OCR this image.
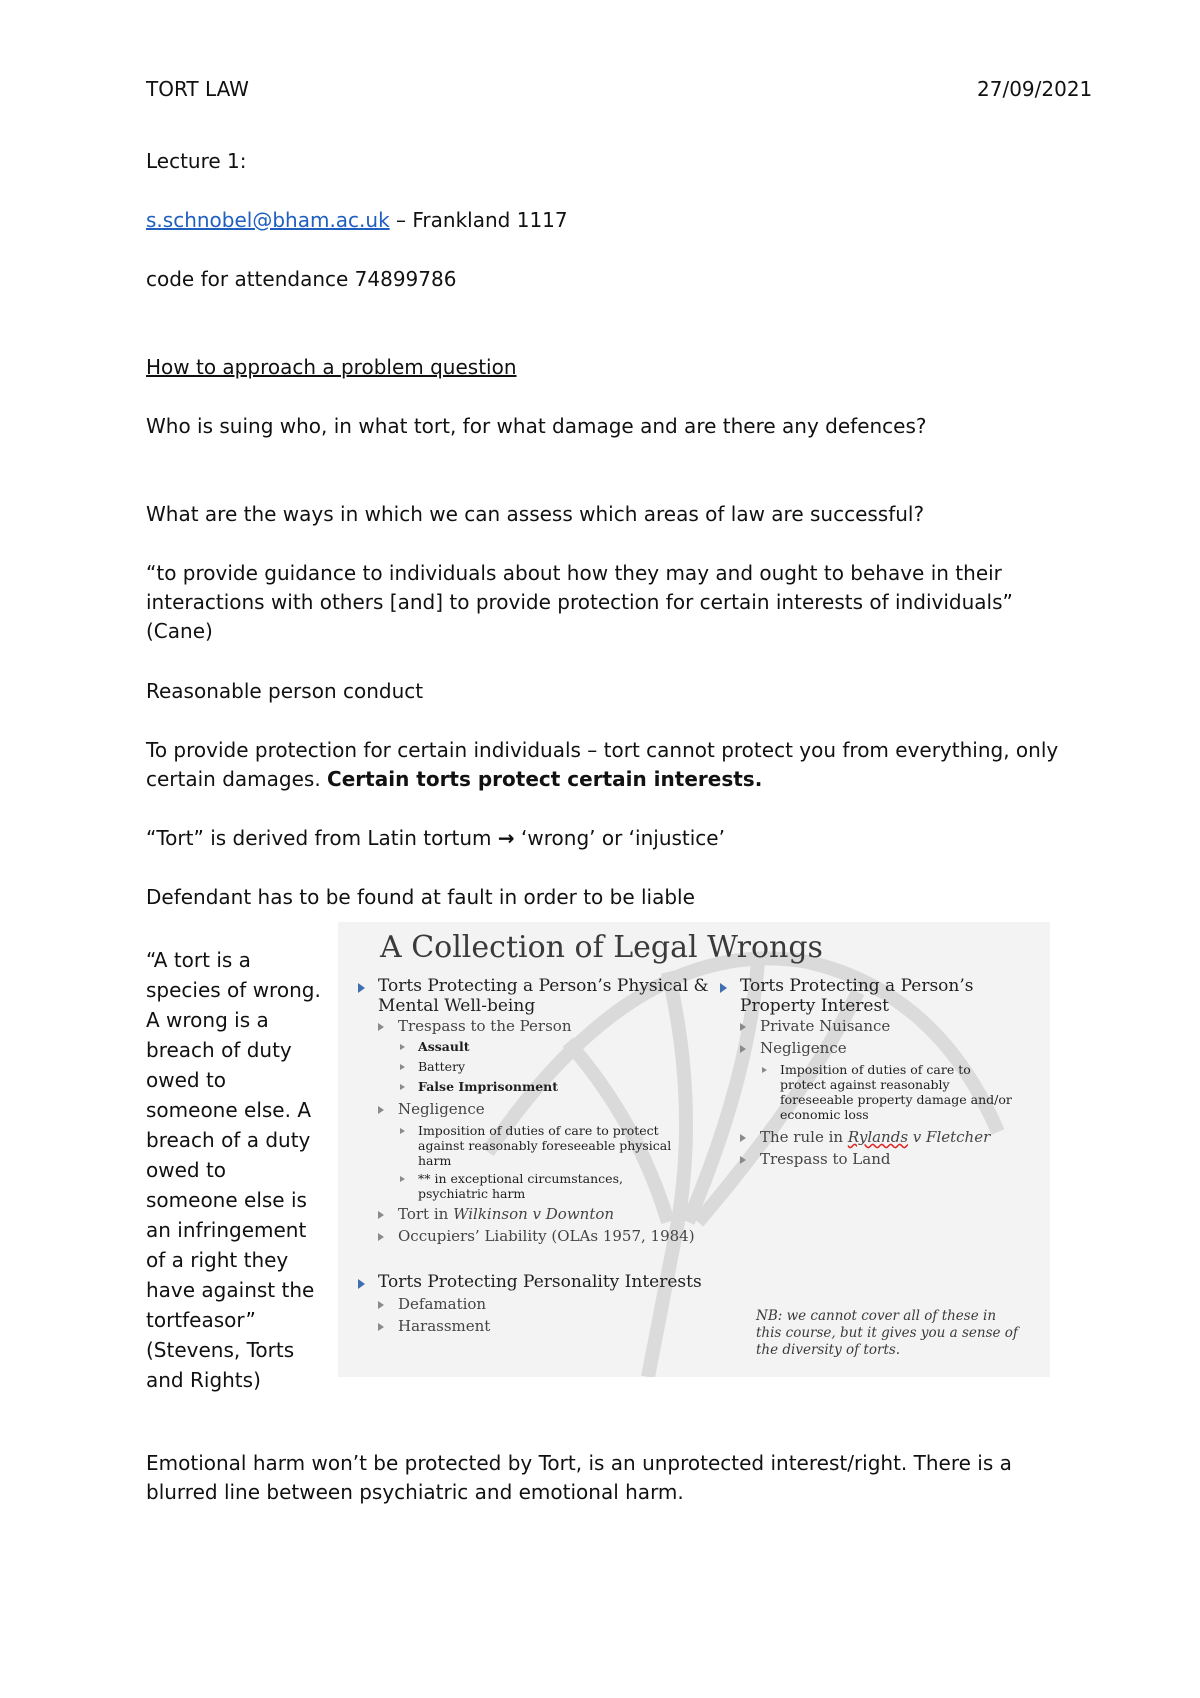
TORT LAW	27/09/2021
Lecture 1:
s.schnobel@bham.ac.uk – Frankland 1117
code for attendance 74899786
How to approach a problem question
Who is suing who, in what tort, for what damage and are there any defences?
What are the ways in which we can assess which areas of law are successful?
“to provide guidance to individuals about how they may and ought to behave in their
interactions with others [and] to provide protection for certain interests of individuals”
(Cane)
Reasonable person conduct
To provide protection for certain individuals – tort cannot protect you from everything, only
certain damages. Certain torts protect certain interests.
“Tort” is derived from Latin tortum → ‘wrong’ or ‘injustice’
Defendant has to be found at fault in order to be liable
“A tort is a species of wrong. A wrong is a breach of duty owed to someone else. A breach of a duty owed to someone else is an infringement of a right they have against the tortfeasor” (Stevens, Torts and Rights)
A Collection of Legal Wrongs
Torts Protecting a Person’s Physical &
Mental Well-being
Trespass to the Person
Assault
Battery
False Imprisonment
Negligence
Imposition of duties of care to protect
against reasonably foreseeable physical
harm
** in exceptional circumstances,
psychiatric harm
Tort in Wilkinson v Downton
Occupiers’ Liability (OLAs 1957, 1984)
Torts Protecting Personality Interests
Defamation
Harassment
Torts Protecting a Person’s
Property Interest
Private Nuisance
Negligence
Imposition of duties of care to
protect against reasonably
foreseeable property damage and/or
economic loss
The rule in Rylands v Fletcher
Trespass to Land
NB: we cannot cover all of these in
this course, but it gives you a sense of
the diversity of torts.
Emotional harm won’t be protected by Tort, is an unprotected interest/right. There is a
blurred line between psychiatric and emotional harm.
